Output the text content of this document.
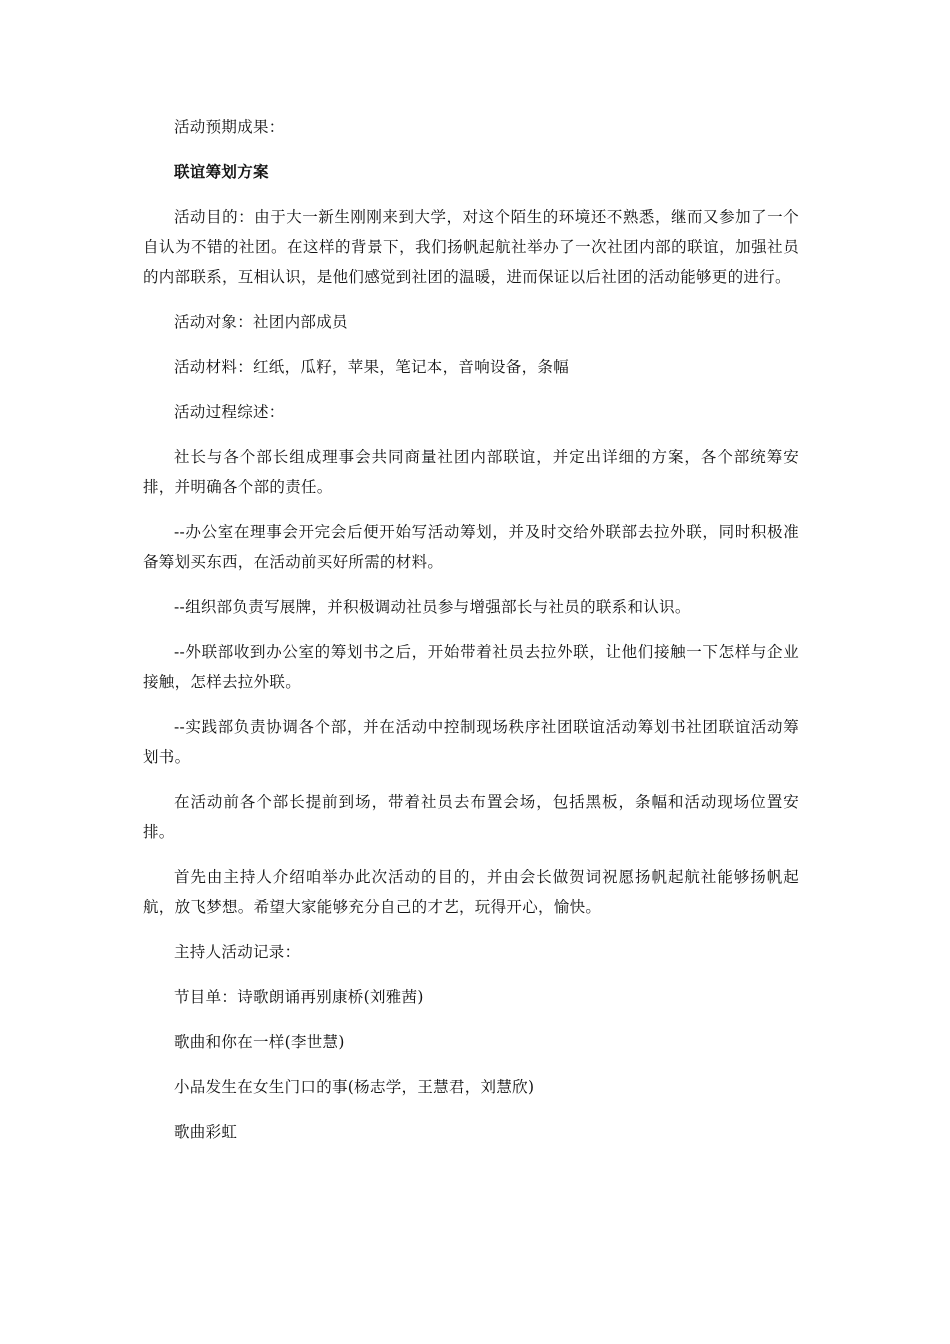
活动预期成果：

联谊筹划方案

活动目的：由于大一新生刚刚来到大学，对这个陌生的环境还不熟悉，继而又参加了一个自认为不错的社团。在这样的背景下，我们扬帆起航社举办了一次社团内部的联谊，加强社员的内部联系，互相认识，是他们感觉到社团的温暖，进而保证以后社团的活动能够更的进行。

活动对象：社团内部成员

活动材料：红纸，瓜籽，苹果，笔记本，音响设备，条幅

活动过程综述：

社长与各个部长组成理事会共同商量社团内部联谊，并定出详细的方案，各个部统筹安排，并明确各个部的责任。

--办公室在理事会开完会后便开始写活动筹划，并及时交给外联部去拉外联，同时积极准备筹划买东西，在活动前买好所需的材料。

--组织部负责写展牌，并积极调动社员参与增强部长与社员的联系和认识。

--外联部收到办公室的筹划书之后，开始带着社员去拉外联，让他们接触一下怎样与企业接触，怎样去拉外联。

--实践部负责协调各个部，并在活动中控制现场秩序社团联谊活动筹划书社团联谊活动筹划书。

在活动前各个部长提前到场，带着社员去布置会场，包括黑板，条幅和活动现场位置安排。

首先由主持人介绍咱举办此次活动的目的，并由会长做贺词祝愿扬帆起航社能够扬帆起航，放飞梦想。希望大家能够充分自己的才艺，玩得开心，愉快。

主持人活动记录：

节目单：诗歌朗诵再别康桥(刘雅茜)

歌曲和你在一样(李世慧)

小品发生在女生门口的事(杨志学，王慧君，刘慧欣)

歌曲彩虹
